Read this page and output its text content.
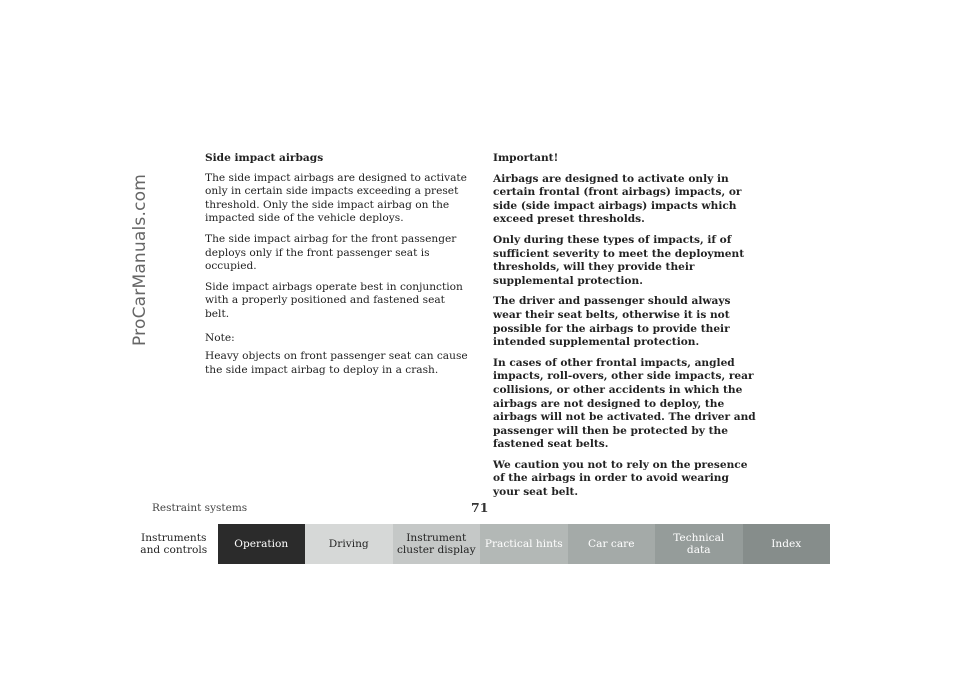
ProCarManuals.com

Side impact airbags

The side impact airbags are designed to activate only in certain side impacts exceeding a preset threshold. Only the side impact airbag on the impacted side of the vehicle deploys.

The side impact airbag for the front passenger deploys only if the front passenger seat is occupied.

Side impact airbags operate best in conjunction with a properly positioned and fastened seat belt.

Note:

Heavy objects on front passenger seat can cause the side impact airbag to deploy in a crash.

Important!

Airbags are designed to activate only in certain frontal (front airbags) impacts, or side (side impact airbags) impacts which exceed preset thresholds.

Only during these types of impacts, if of sufficient severity to meet the deployment thresholds, will they provide their supplemental protection.

The driver and passenger should always wear their seat belts, otherwise it is not possible for the airbags to provide their intended supplemental protection.

In cases of other frontal impacts, angled impacts, roll-overs, other side impacts, rear collisions, or other accidents in which the airbags are not designed to deploy, the airbags will not be activated. The driver and passenger will then be protected by the fastened seat belts.

We caution you not to rely on the presence of the airbags in order to avoid wearing your seat belt.

Restraint systems	71
Instruments
and controls
Operation	Driving
Instrument
cluster display
Practical hints Car care
Technical
data
Index
